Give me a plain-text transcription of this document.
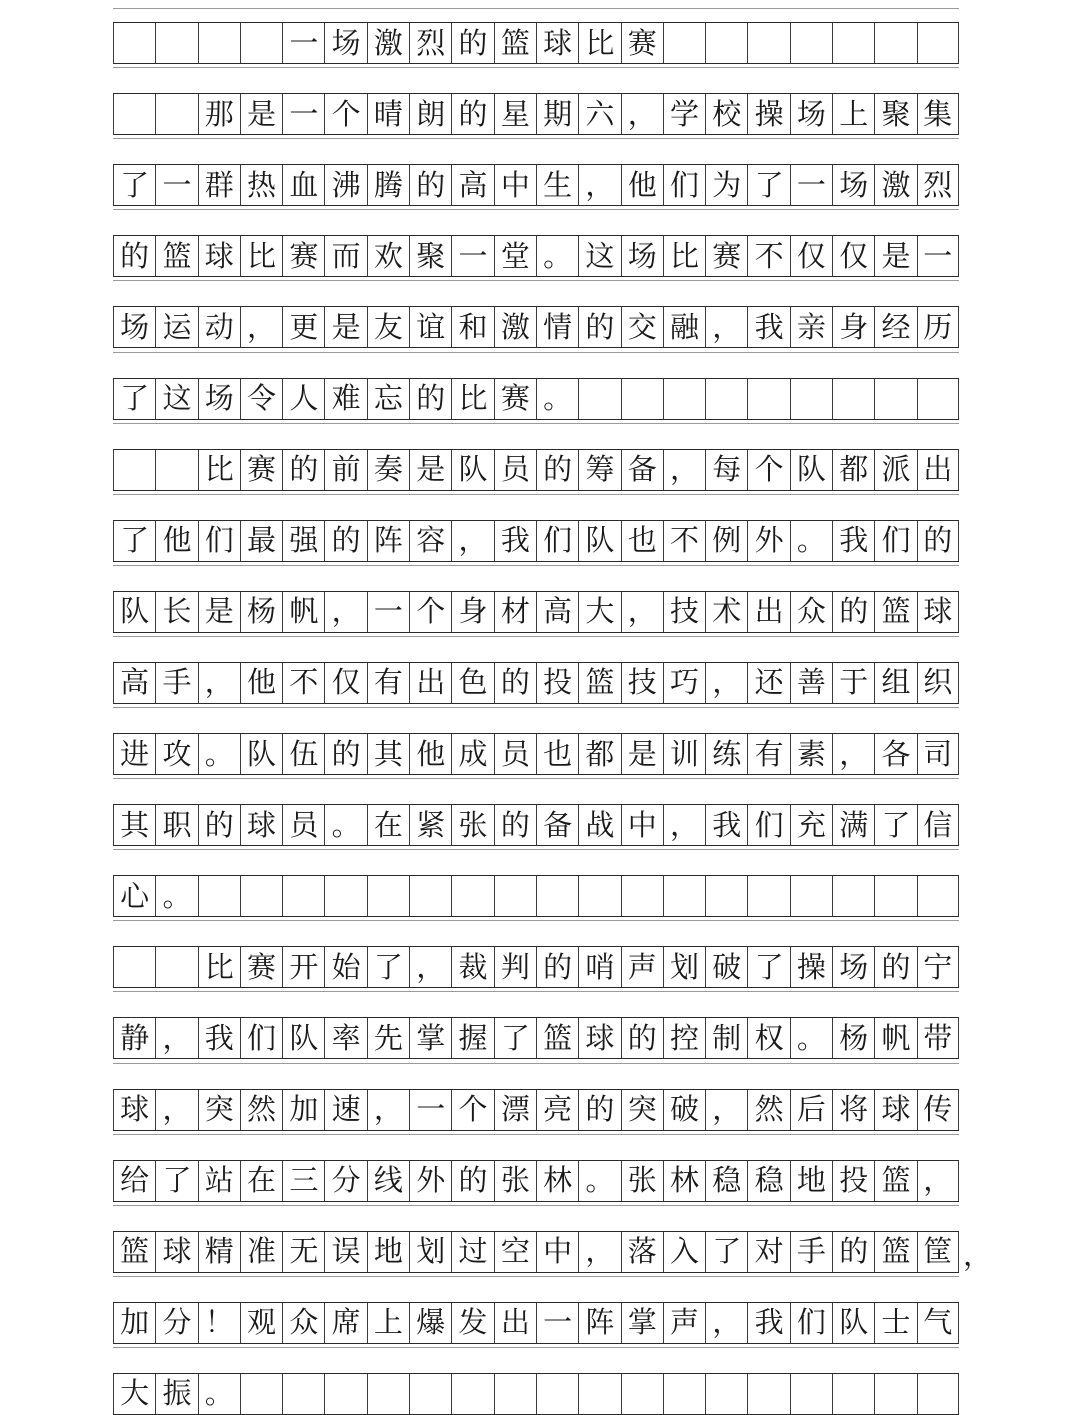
一 场 激 烈 的 篮 球 比 赛
那 是 一 个 晴 朗 的 星 期 六 ， 学 校 操 场 上 聚 集
了 一 群 热 血 沸 腾 的 高 中 生 ， 他 们 为 了 一 场 激 烈
的 篮 球 比 赛 而 欢 聚 一 堂 。 这 场 比 赛 不 仅 仅 是 一
场 运 动 ， 更 是 友 谊 和 激 情 的 交 融 ， 我 亲 身 经 历
了 这 场 令 人 难 忘 的 比 赛 。
比 赛 的 前 奏 是 队 员 的 筹 备 ， 每 个 队 都 派 出
了 他 们 最 强 的 阵 容 ， 我 们 队 也 不 例 外 。 我 们 的
队 长 是 杨 帆 ， 一 个 身 材 高 大 ， 技 术 出 众 的 篮 球
高 手 ， 他 不 仅 有 出 色 的 投 篮 技 巧 ， 还 善 于 组 织
进 攻 。 队 伍 的 其 他 成 员 也 都 是 训 练 有 素 ， 各 司
其 职 的 球 员 。 在 紧 张 的 备 战 中 ， 我 们 充 满 了 信
心 。
比 赛 开 始 了 ， 裁 判 的 哨 声 划 破 了 操 场 的 宁
静 ， 我 们 队 率 先 掌 握 了 篮 球 的 控 制 权 。 杨 帆 带
球 ， 突 然 加 速 ， 一 个 漂 亮 的 突 破 ， 然 后 将 球 传
给 了 站 在 三 分 线 外 的 张 林 。 张 林 稳 稳 地 投 篮 ，
篮 球 精 准 无 误 地 划 过 空 中 ， 落 入 了 对 手 的 篮 筐 ，
加 分 ！ 观 众 席 上 爆 发 出 一 阵 掌 声 ， 我 们 队 士 气
大 振 。
